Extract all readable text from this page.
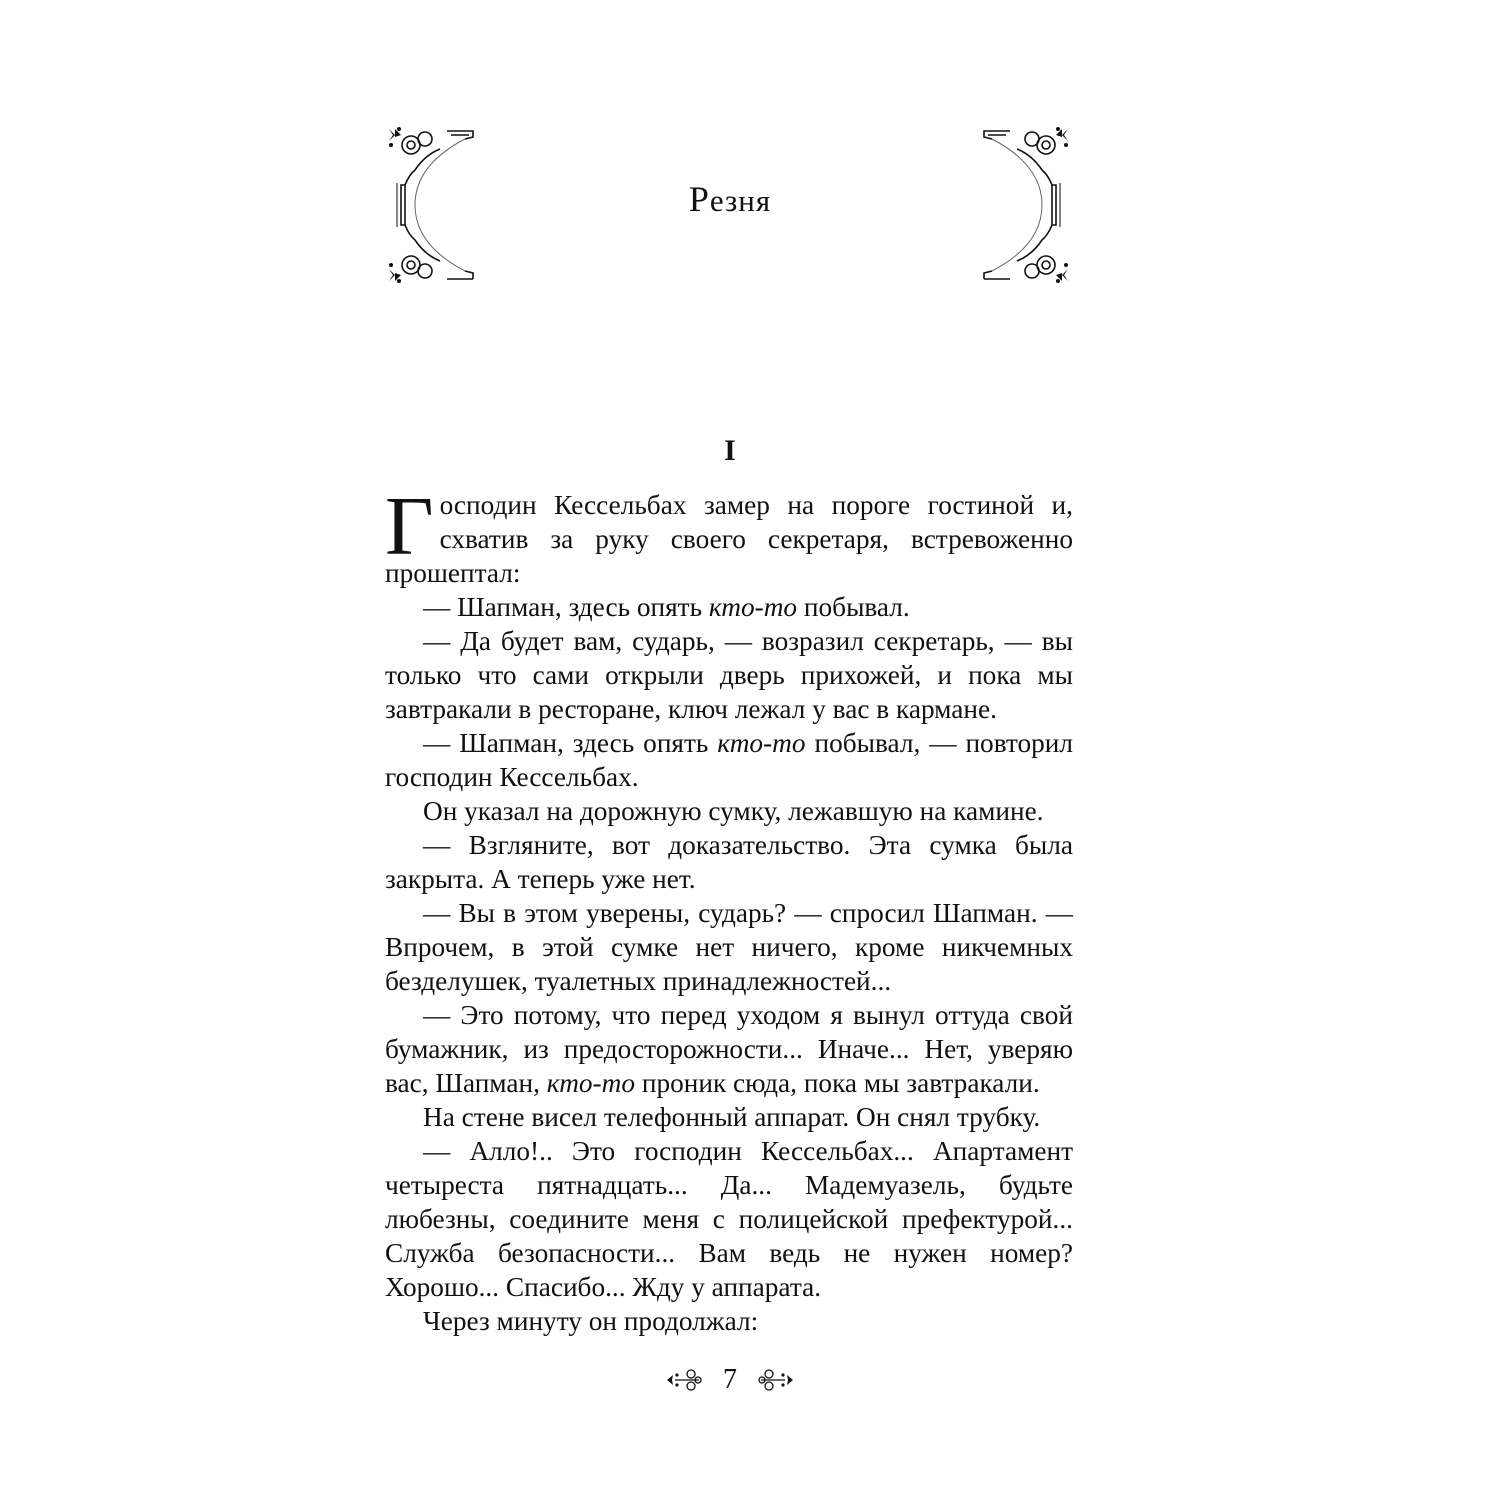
Резня
I

Господин Кессельбах замер на пороге гостиной и, схватив за руку своего секретаря, встревоженно прошептал:

— Шапман, здесь опять кто-то побывал.

— Да будет вам, сударь, — возразил секретарь, — вы только что сами открыли дверь прихожей, и пока мы завтракали в ресторане, ключ лежал у вас в кармане.

— Шапман, здесь опять кто-то побывал, — повторил господин Кессельбах.

Он указал на дорожную сумку, лежавшую на камине.

— Взгляните, вот доказательство. Эта сумка была закрыта. А теперь уже нет.

— Вы в этом уверены, сударь? — спросил Шапман. — Впрочем, в этой сумке нет ничего, кроме никчемных безделушек, туалетных принадлежностей...

— Это потому, что перед уходом я вынул оттуда свой бумажник, из предосторожности... Иначе... Нет, уверяю вас, Шапман, кто-то проник сюда, пока мы завтракали.

На стене висел телефонный аппарат. Он снял трубку.

— Алло!.. Это господин Кессельбах... Апартамент четыреста пятнадцать... Да... Мадемуазель, будьте любезны, соедините меня с полицейской префектурой... Служба безопасности... Вам ведь не нужен номер? Хорошо... Спасибо... Жду у аппарата.

Через минуту он продолжал:

7
